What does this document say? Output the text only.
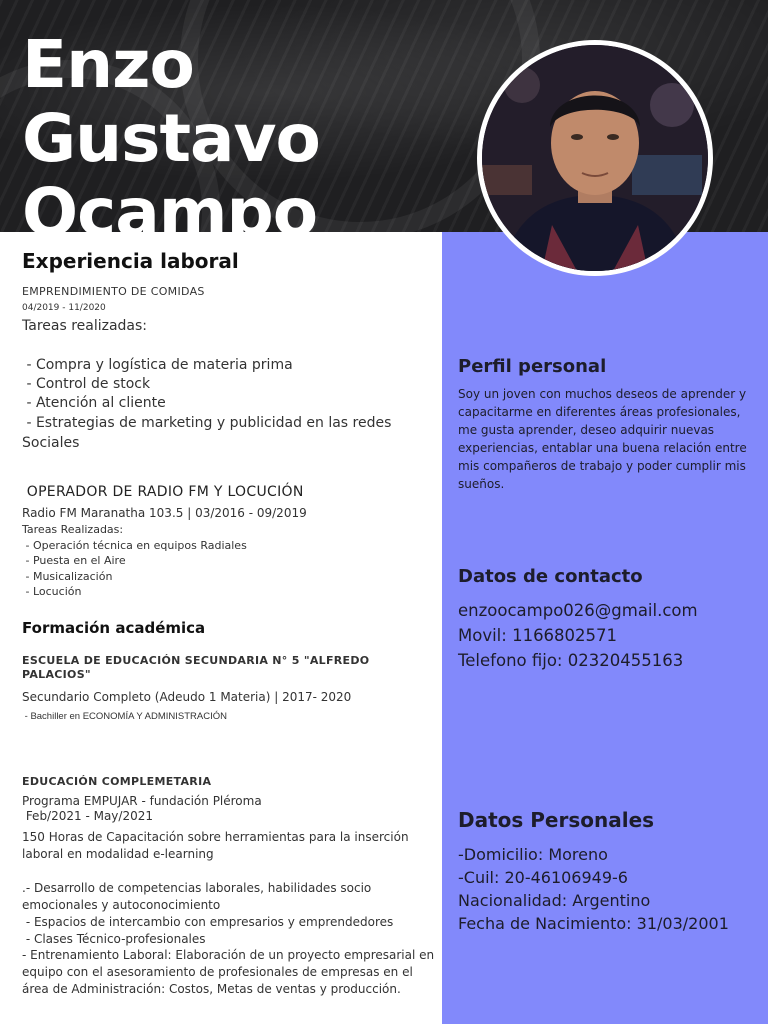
Enzo Gustavo Ocampo
Experiencia laboral
EMPRENDIMIENTO DE COMIDAS
04/2019 - 11/2020
Tareas realizadas:
- Compra y logística de materia prima
- Control de stock
- Atención al cliente
- Estrategias de marketing y publicidad en las redes
Sociales
OPERADOR DE RADIO FM Y LOCUCIÓN
Radio FM Maranatha 103.5 | 03/2016 - 09/2019
Tareas Realizadas:
- Operación técnica en equipos Radiales
- Puesta en el Aire
- Musicalización
- Locución
Formación académica
ESCUELA DE EDUCACIÓN SECUNDARIA N° 5 "ALFREDO PALACIOS"
Secundario Completo (Adeudo 1 Materia) | 2017- 2020
- Bachiller en ECONOMÍA Y ADMINISTRACIÓN
EDUCACIÓN COMPLEMETARIA
Programa EMPUJAR - fundación Pléroma
Feb/2021 - May/2021
150 Horas de Capacitación sobre herramientas para la inserción laboral en modalidad e-learning
.- Desarrollo de competencias laborales, habilidades socio emocionales y autoconocimiento
- Espacios de intercambio con empresarios y emprendedores
- Clases Técnico-profesionales
- Entrenamiento Laboral: Elaboración de un proyecto empresarial en equipo con el asesoramiento de profesionales de empresas en el área de Administración: Costos, Metas de ventas y producción.
Perfil personal
Soy un joven con muchos deseos de aprender y capacitarme en diferentes áreas profesionales, me gusta aprender, deseo adquirir nuevas experiencias, entablar una buena relación entre mis compañeros de trabajo y poder cumplir mis sueños.
Datos de contacto
enzoocampo026@gmail.com
Movil: 1166802571
Telefono fijo: 02320455163
Datos Personales
-Domicilio: Moreno
-Cuil: 20-46106949-6
Nacionalidad: Argentino
Fecha de Nacimiento: 31/03/2001
